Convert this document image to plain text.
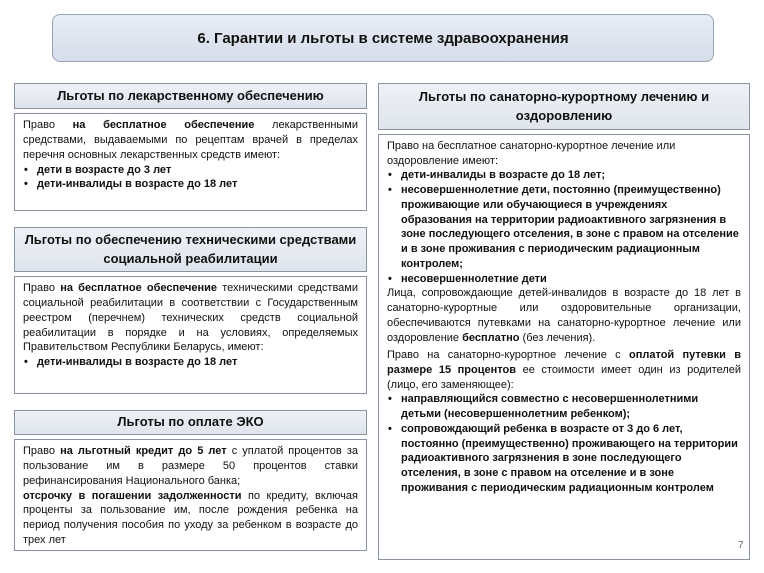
6. Гарантии и льготы в системе здравоохранения
Льготы по лекарственному обеспечению

Право на бесплатное обеспечение лекарственными средствами, выдаваемыми по рецептам врачей в пределах перечня основных лекарственных средств имеют:

• дети в возрасте до 3 лет
• дети-инвалиды в возрасте до 18 лет
Льготы по обеспечению техническими средствами социальной реабилитации

Право на бесплатное обеспечение техническими средствами социальной реабилитации в соответствии с Государственным реестром (перечнем) технических средств социальной реабилитации в порядке и на условиях, определяемых Правительством Республики Беларусь, имеют:

• дети-инвалиды в возрасте до 18 лет
Льготы по оплате ЭКО

Право на льготный кредит до 5 лет с уплатой процентов за пользование им в размере 50 процентов ставки рефинансирования Национального банка;

отсрочку в погашении задолженности по кредиту, включая проценты за пользование им, после рождения ребенка на период получения пособия по уходу за ребенком в возрасте до трех лет

Льготы по санаторно-курортному лечению и оздоровлению

Право на бесплатное санаторно-курортное лечение или оздоровление имеют:

• дети-инвалиды в возрасте до 18 лет;
• несовершеннолетние дети, постоянно (преимущественно) проживающие или обучающиеся в учреждениях образования на территории радиоактивного загрязнения в зоне последующего отселения, в зоне с правом на отселение и в зоне проживания с периодическим радиационным контролем;
• несовершеннолетние дети

Лица, сопровождающие детей-инвалидов в возрасте до 18 лет в санаторно-курортные или оздоровительные организации, обеспечиваются путевками на санаторно-курортное лечение или оздоровление бесплатно (без лечения).

Право на санаторно-курортное лечение с оплатой путевки в размере 15 процентов ее стоимости имеет один из родителей (лицо, его заменяющее):

• направляющийся совместно с несовершеннолетними детьми (несовершеннолетним ребенком);
• сопровождающий ребенка в возрасте от 3 до 6 лет, постоянно (преимущественно) проживающего на территории радиоактивного загрязнения в зоне последующего отселения, в зоне с правом на отселение и в зоне проживания с периодическим радиационным контролем
7
